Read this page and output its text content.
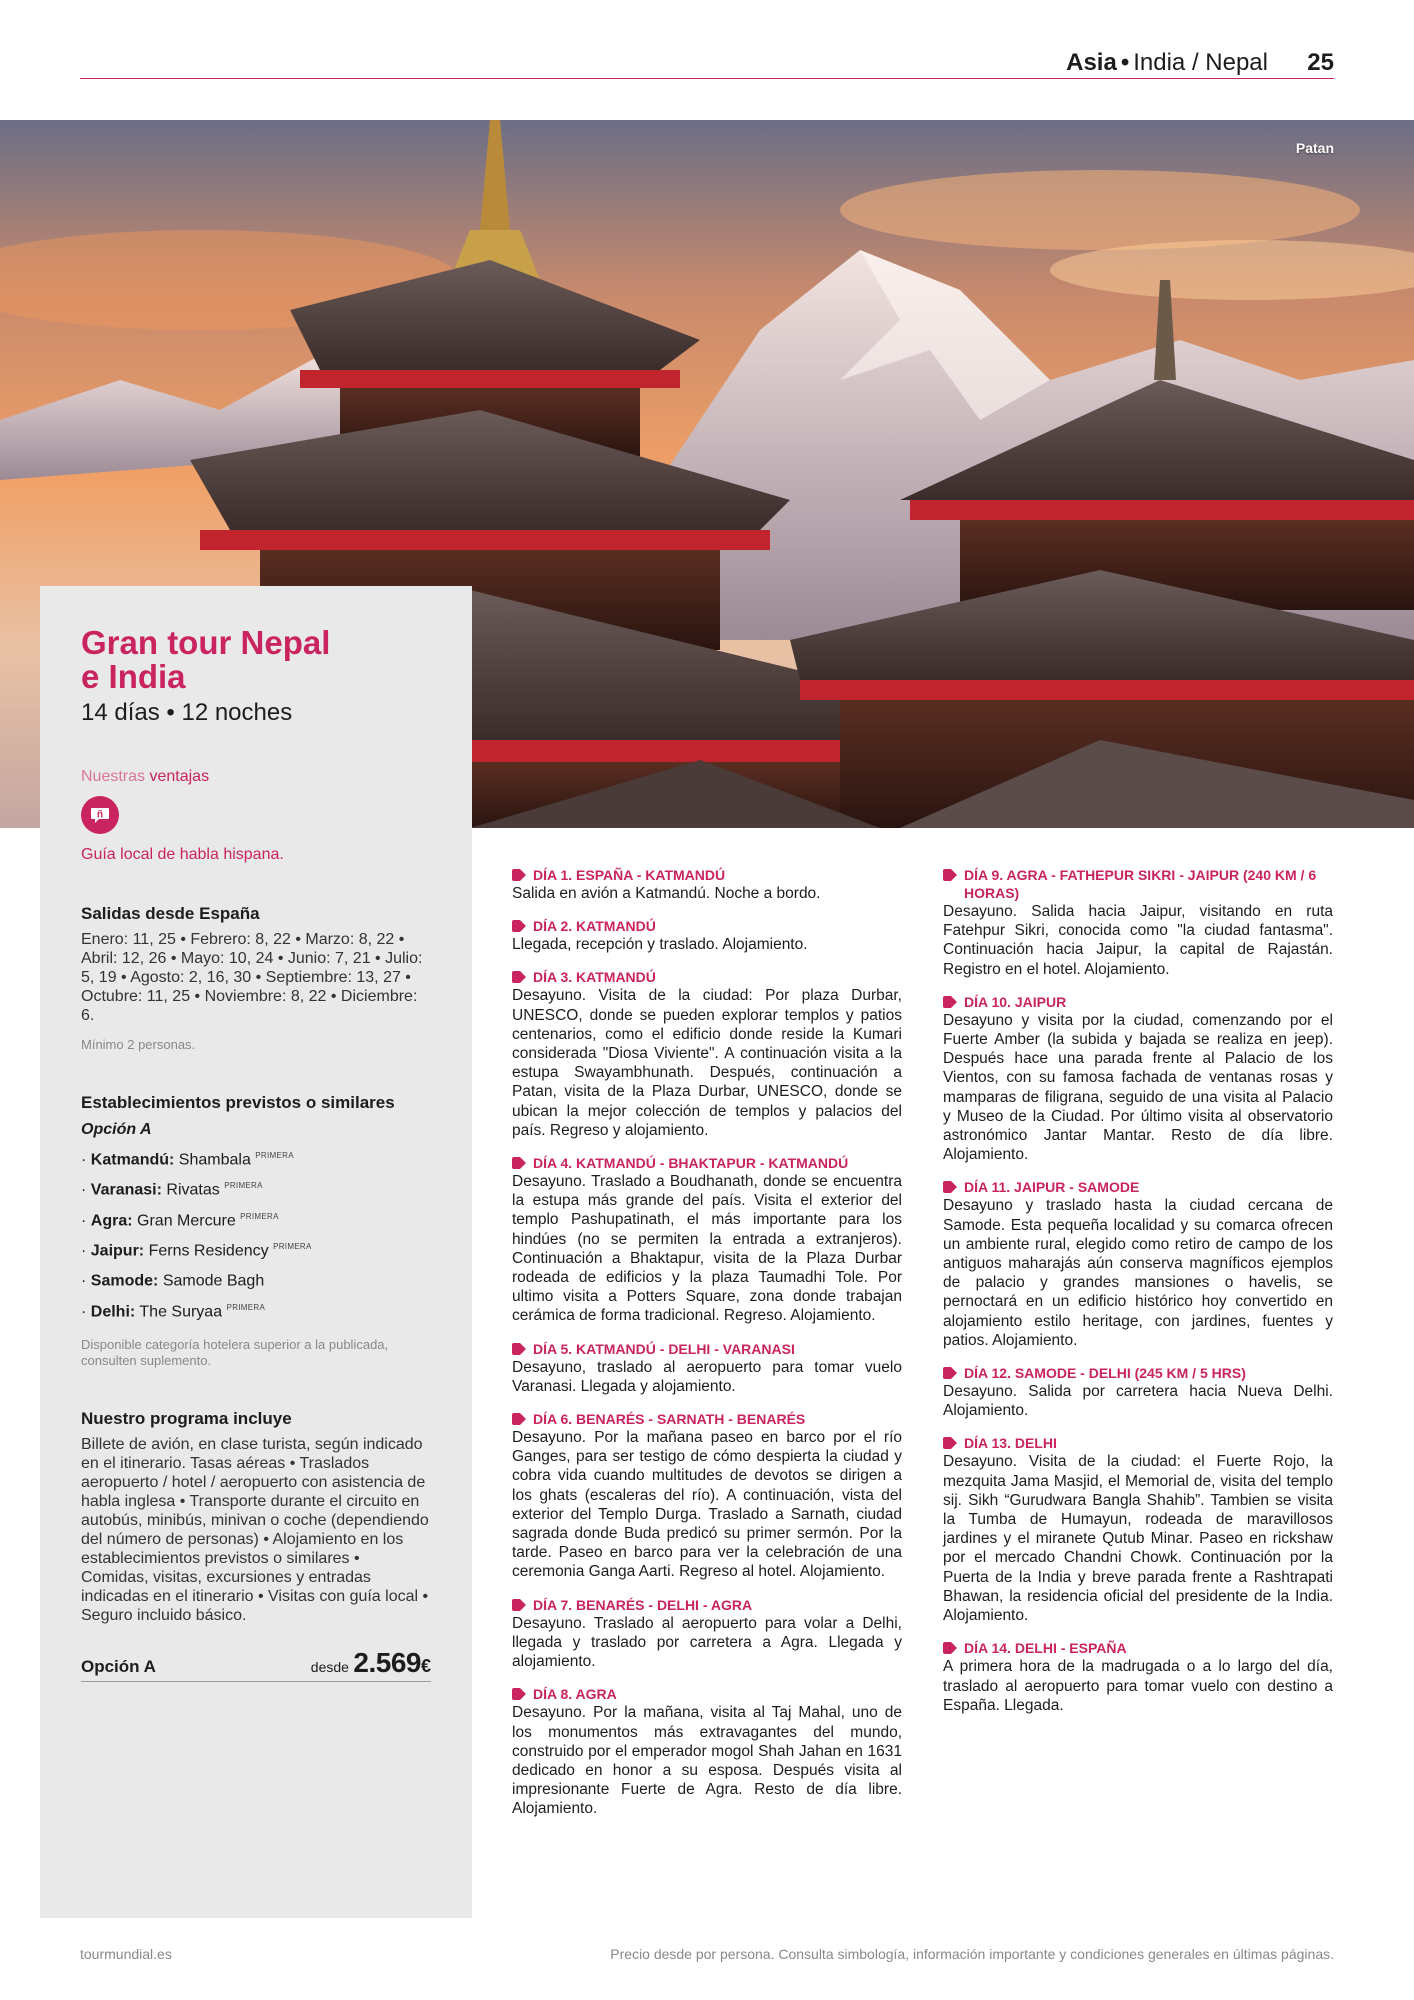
Asia • India / Nepal 25
Patan
Gran tour Nepal
e India
14 días • 12 noches
Nuestras ventajas
ñ
Guía local de habla hispana.
Salidas desde España
Enero: 11, 25 • Febrero: 8, 22 • Marzo: 8, 22 • Abril: 12, 26 • Mayo: 10, 24 • Junio: 7, 21 • Julio: 5, 19 • Agosto: 2, 16, 30 • Septiembre: 13, 27 • Octubre: 11, 25 • Noviembre: 8, 22 • Diciembre: 6.
Mínimo 2 personas.
Establecimientos previstos o similares
Opción A
· Katmandú: Shambala $^{PRIMERA}$
· Varanasi: Rivatas $^{PRIMERA}$
· Agra: Gran Mercure $^{PRIMERA}$
· Jaipur: Ferns Residency $^{PRIMERA}$
· Samode: Samode Bagh
· Delhi: The Suryaa $^{PRIMERA}$
Disponible categoría hotelera superior a la publicada, consulten suplemento.
Nuestro programa incluye
Billete de avión, en clase turista, según indicado en el itinerario. Tasas aéreas • Traslados aeropuerto / hotel / aeropuerto con asistencia de habla inglesa • Transporte durante el circuito en autobús, minibús, minivan o coche (dependiendo del número de personas) • Alojamiento en los establecimientos previstos o similares • Comidas, visitas, excursiones y entradas indicadas en el itinerario • Visitas con guía local • Seguro incluido básico.
Opción A	desde 2.569€
DÍA 1. ESPAÑA - KATMANDÚ
Salida en avión a Katmandú. Noche a bordo.
DÍA 2. KATMANDÚ
Llegada, recepción y traslado. Alojamiento.
DÍA 3. KATMANDÚ
Desayuno. Visita de la ciudad: Por plaza Durbar, UNESCO, donde se pueden explorar templos y patios centenarios, como el edificio donde reside la Kumari considerada "Diosa Viviente". A continuación visita a la estupa Swayambhunath. Después, continuación a Patan, visita de la Plaza Durbar, UNESCO, donde se ubican la mejor colección de templos y palacios del país. Regreso y alojamiento.
DÍA 4. KATMANDÚ - BHAKTAPUR - KATMANDÚ
Desayuno. Traslado a Boudhanath, donde se encuentra la estupa más grande del país. Visita el exterior del templo Pashupatinath, el más importante para los hindúes (no se permiten la entrada a extranjeros). Continuación a Bhaktapur, visita de la Plaza Durbar rodeada de edificios y la plaza Taumadhi Tole. Por ultimo visita a Potters Square, zona donde trabajan cerámica de forma tradicional. Regreso. Alojamiento.
DÍA 5. KATMANDÚ - DELHI - VARANASI
Desayuno, traslado al aeropuerto para tomar vuelo Varanasi. Llegada y alojamiento.
DÍA 6. BENARÉS - SARNATH - BENARÉS
Desayuno. Por la mañana paseo en barco por el río Ganges, para ser testigo de cómo despierta la ciudad y cobra vida cuando multitudes de devotos se dirigen a los ghats (escaleras del río). A continuación, vista del exterior del Templo Durga. Traslado a Sarnath, ciudad sagrada donde Buda predicó su primer sermón. Por la tarde. Paseo en barco para ver la celebración de una ceremonia Ganga Aarti. Regreso al hotel. Alojamiento.
DÍA 7. BENARÉS - DELHI - AGRA
Desayuno. Traslado al aeropuerto para volar a Delhi, llegada y traslado por carretera a Agra. Llegada y alojamiento.
DÍA 8. AGRA
Desayuno. Por la mañana, visita al Taj Mahal, uno de los monumentos más extravagantes del mundo, construido por el emperador mogol Shah Jahan en 1631 dedicado en honor a su esposa. Después visita al impresionante Fuerte de Agra. Resto de día libre. Alojamiento.
DÍA 9. AGRA - FATHEPUR SIKRI - JAIPUR (240 KM / 6 HORAS)
Desayuno. Salida hacia Jaipur, visitando en ruta Fatehpur Sikri, conocida como "la ciudad fantasma". Continuación hacia Jaipur, la capital de Rajastán. Registro en el hotel. Alojamiento.
DÍA 10. JAIPUR
Desayuno y visita por la ciudad, comenzando por el Fuerte Amber (la subida y bajada se realiza en jeep). Después hace una parada frente al Palacio de los Vientos, con su famosa fachada de ventanas rosas y mamparas de filigrana, seguido de una visita al Palacio y Museo de la Ciudad. Por último visita al observatorio astronómico Jantar Mantar. Resto de día libre. Alojamiento.
DÍA 11. JAIPUR - SAMODE
Desayuno y traslado hasta la ciudad cercana de Samode. Esta pequeña localidad y su comarca ofrecen un ambiente rural, elegido como retiro de campo de los antiguos maharajás aún conserva magníficos ejemplos de palacio y grandes mansiones o havelis, se pernoctará en un edificio histórico hoy convertido en alojamiento estilo heritage, con jardines, fuentes y patios. Alojamiento.
DÍA 12. SAMODE - DELHI (245 KM / 5 HRS)
Desayuno. Salida por carretera hacia Nueva Delhi. Alojamiento.
DÍA 13. DELHI
Desayuno. Visita de la ciudad: el Fuerte Rojo, la mezquita Jama Masjid, el Memorial de, visita del templo sij. Sikh “Gurudwara Bangla Shahib”. Tambien se visita la Tumba de Humayun, rodeada de maravillosos jardines y el miranete Qutub Minar. Paseo en rickshaw por el mercado Chandni Chowk. Continuación por la Puerta de la India y breve parada frente a Rashtrapati Bhawan, la residencia oficial del presidente de la India. Alojamiento.
DÍA 14. DELHI - ESPAÑA
A primera hora de la madrugada o a lo largo del día, traslado al aeropuerto para tomar vuelo con destino a España. Llegada.
tourmundial.es	Precio desde por persona. Consulta simbología, información importante y condiciones generales en últimas páginas.
